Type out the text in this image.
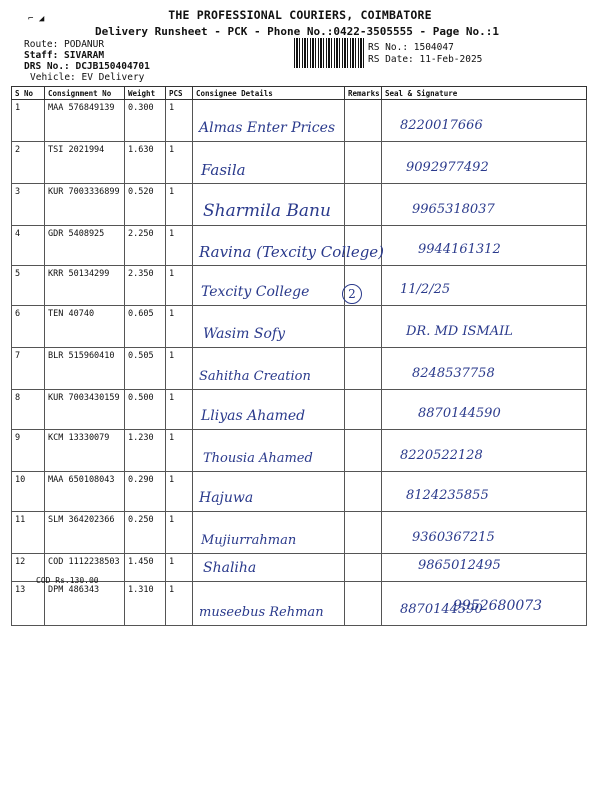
⌐ ◢	THE PROFESSIONAL COURIERS, COIMBATORE
Delivery Runsheet - PCK - Phone No.:0422-3505555 - Page No.:1
Route: PODANUR
Staff: SIVARAM
DRS No.: DCJB150404701
Vehicle: EV Delivery
RS No.: 1504047
RS Date: 11-Feb-2025
S No	Consignment No	Weight	PCS	Consignee Details	Remarks	Seal & Signature
1	MAA 576849139	0.300	1	Almas Enter Prices		8220017666

2	TSI 2021994	1.630	1	Fasila		9092977492

3	KUR 7003336899	0.520	1	Sharmila Banu		9965318037

4	GDR 5408925	2.250	1	Ravina (Texcity College)		9944161312

5	KRR 50134299	2.350	1	Texcity College		11/2/25

6	TEN 40740	0.605	1	Wasim Sofy		DR. MD ISMAIL

7	BLR 515960410	0.505	1	Sahitha Creation		8248537758

8	KUR 7003430159	0.500	1	Lliyas Ahamed		8870144590

9	KCM 13330079	1.230	1	Thousia Ahamed		8220522128

10	MAA 650108043	0.290	1	Hajuwa		8124235855

11	SLM 364202366	0.250	1	Mujiurrahman		9360367215

12	COD 1112238503	1.450	1	Shaliha		9865012495

13	DPM 486343	1.310	1	museebus Rehman		8870144590
COD Rs.130.00
9952680073
2
